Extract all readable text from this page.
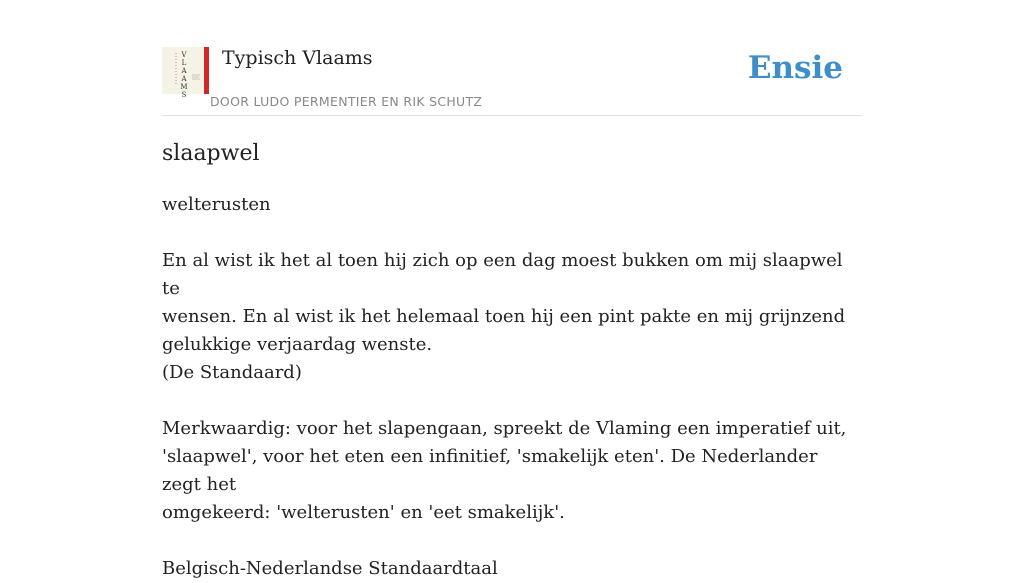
V
L
A
A
M
S
Typisch Vlaams
DOOR LUDO PERMENTIER EN RIK SCHUTZ
Ensie
slaapwel

welterusten

En al wist ik het al toen hij zich op een dag moest bukken om mij slaapwel te

wensen. En al wist ik het helemaal toen hij een pint pakte en mij grijnzend

gelukkige verjaardag wenste.

(De Standaard)

Merkwaardig: voor het slapengaan, spreekt de Vlaming een imperatief uit,

'slaapwel', voor het eten een infinitief, 'smakelijk eten'. De Nederlander zegt het

omgekeerd: 'welterusten' en 'eet smakelijk'.

Belgisch-Nederlandse Standaardtaal
